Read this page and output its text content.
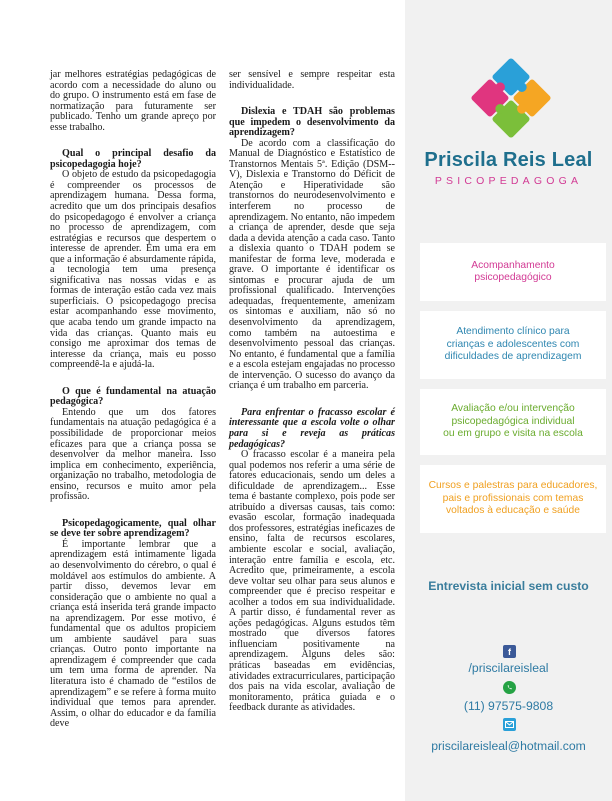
jar melhores estratégias pedagógicas de acordo com a necessidade do aluno ou do grupo. O instrumento está em fase de normatização para futuramente ser publicado. Tenho um grande apreço por esse trabalho.

Qual o principal desafio da psicopedagogia hoje?

O objeto de estudo da psicopedagogia é compreender os processos de aprendizagem humana. Dessa forma, acredito que um dos principais desafios do psicopedagogo é envolver a criança no processo de aprendizagem, com estratégias e recursos que despertem o interesse de aprender. Em uma era em que a informação é absurdamente rápida, a tecnologia tem uma presença significativa nas nossas vidas e as formas de interação estão cada vez mais superficiais. O psicopedagogo precisa estar acompanhando esse movimento, que acaba tendo um grande impacto na vida das crianças. Quanto mais eu consigo me aproximar dos temas de interesse da criança, mais eu posso compreendê-la e ajudá-la.

O que é fundamental na atuação pedagógica?

Entendo que um dos fatores fundamentais na atuação pedagógica é a possibilidade de proporcionar meios eficazes para que a criança possa se desenvolver da melhor maneira. Isso implica em conhecimento, experiência, organização no trabalho, metodologia de ensino, recursos e muito amor pela profissão.

Psicopedagogicamente, qual olhar se deve ter sobre aprendizagem?

É importante lembrar que a aprendizagem está intimamente ligada ao desenvolvimento do cérebro, o qual é moldável aos estímulos do ambiente. A partir disso, devemos levar em consideração que o ambiente no qual a criança está inserida terá grande impacto na aprendizagem. Por esse motivo, é fundamental que os adultos propiciem um ambiente saudável para suas crianças. Outro ponto importante na aprendizagem é compreender que cada um tem uma forma de aprender. Na literatura isto é chamado de “estilos de aprendizagem” e se refere à forma muito individual que temos para aprender. Assim, o olhar do educador e da família deve

ser sensível e sempre respeitar esta individualidade.

Dislexia e TDAH são problemas que impedem o desenvolvimento da aprendizagem?

De acordo com a classificação do Manual de Diagnóstico e Estatístico de Transtornos Mentais 5ª. Edição (DSM--V), Dislexia e Transtorno do Déficit de Atenção e Hiperatividade são transtornos do neurodesenvolvimento e interferem no processo de aprendizagem. No entanto, não impedem a criança de aprender, desde que seja dada a devida atenção a cada caso. Tanto a dislexia quanto o TDAH podem se manifestar de forma leve, moderada e grave. O importante é identificar os sintomas e procurar ajuda de um profissional qualificado. Intervenções adequadas, frequentemente, amenizam os sintomas e auxiliam, não só no desenvolvimento da aprendizagem, como também na autoestima e desenvolvimento pessoal das crianças. No entanto, é fundamental que a família e a escola estejam engajadas no processo de intervenção. O sucesso do avanço da criança é um trabalho em parceria.

Para enfrentar o fracasso escolar é interessante que a escola volte o olhar para si e reveja as práticas pedagógicas?

O fracasso escolar é a maneira pela qual podemos nos referir a uma série de fatores educacionais, sendo um deles a dificuldade de aprendizagem... Esse tema é bastante complexo, pois pode ser atribuído a diversas causas, tais como: evasão escolar, formação inadequada dos professores, estratégias ineficazes de ensino, falta de recursos escolares, ambiente escolar e social, avaliação, interação entre família e escola, etc. Acredito que, primeiramente, a escola deve voltar seu olhar para seus alunos e compreender que é preciso respeitar e acolher a todos em sua individualidade. A partir disso, é fundamental rever as ações pedagógicas. Alguns estudos têm mostrado que diversos fatores influenciam positivamente na aprendizagem. Alguns deles são: práticas baseadas em evidências, atividades extracurriculares, participação dos pais na vida escolar, avaliação de monitoramento, prática guiada e o feedback durante as atividades.

Priscila Reis Leal
PSICOPEDAGOGA
Acompanhamento
psicopedagógico
Atendimento clínico para
crianças e adolescentes com
dificuldades de aprendizagem
Avaliação e/ou intervenção
psicopedagógica individual
ou em grupo e visita na escola
Cursos e palestras para educadores,
pais e profissionais com temas
voltados à educação e saúde
Entrevista inicial sem custo
f
/priscilareisleal
(11) 97575-9808
priscilareisleal@hotmail.com
